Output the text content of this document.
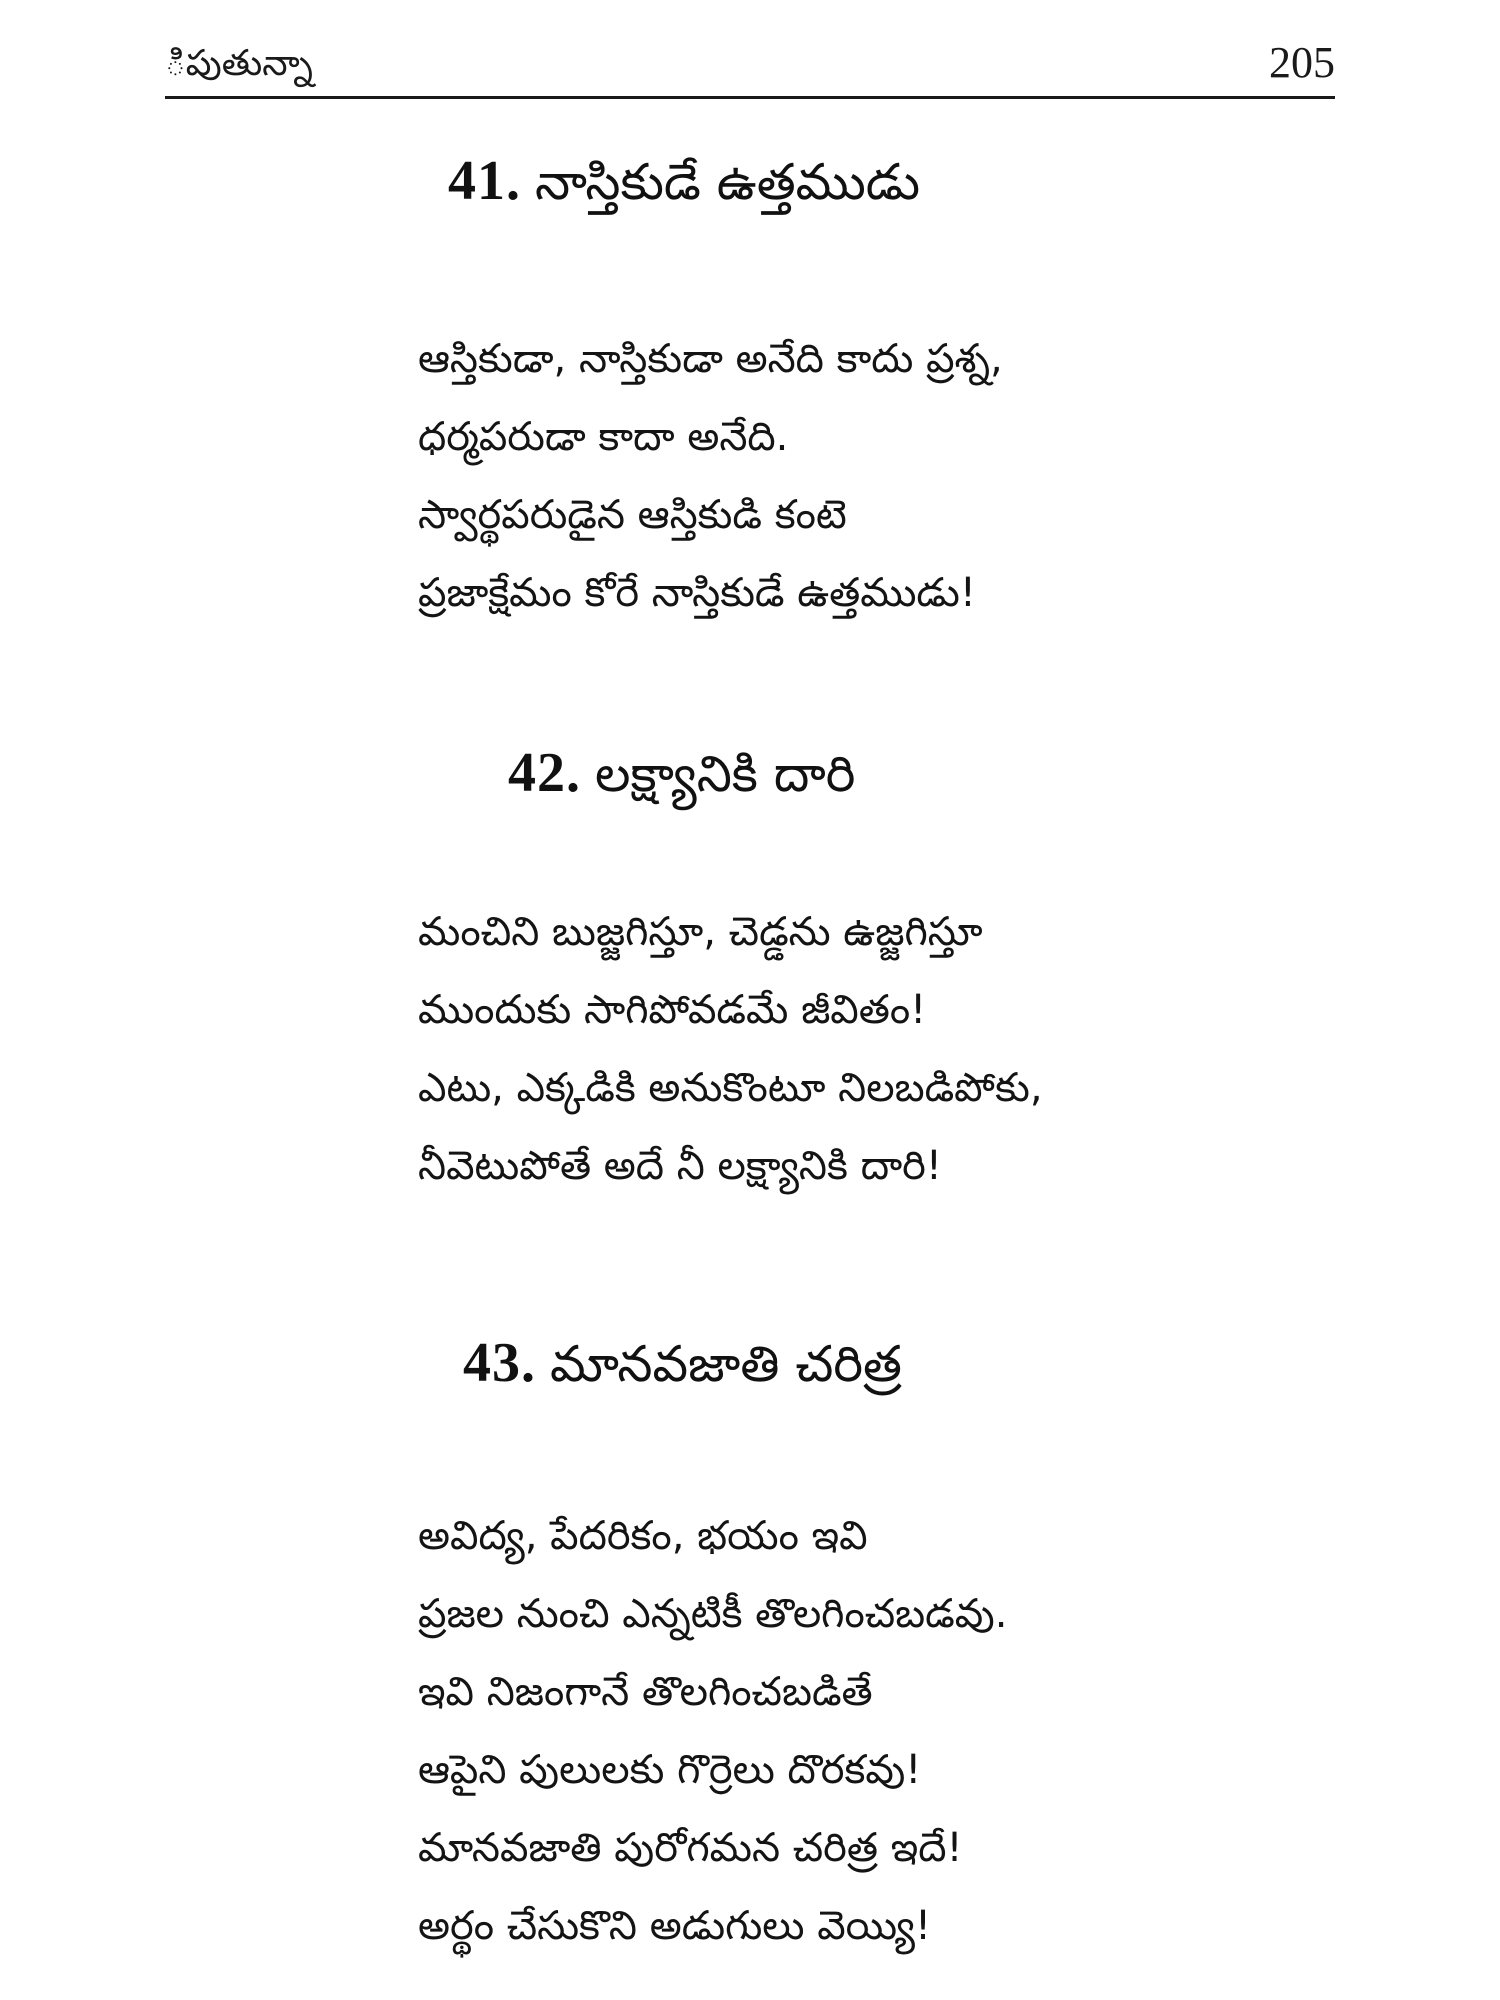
ిపుతున్నా	205
41. నాస్తికుడే ఉత్తముడు
ఆస్తికుడా, నాస్తికుడా అనేది కాదు ప్రశ్న,
ధర్మపరుడా కాదా అనేది.
స్వార్థపరుడైన ఆస్తికుడి కంటె
ప్రజాక్షేమం కోరే నాస్తికుడే ఉత్తముడు!
42. లక్ష్యానికి దారి
మంచిని బుజ్జగిస్తూ, చెడ్డను ఉజ్జగిస్తూ
ముందుకు సాగిపోవడమే జీవితం!
ఎటు, ఎక్కడికి అనుకొంటూ నిలబడిపోకు,
నీవెటుపోతే అదే నీ లక్ష్యానికి దారి!
43. మానవజాతి చరిత్ర
అవిద్య, పేదరికం, భయం ఇవి
ప్రజల నుంచి ఎన్నటికీ తొలగించబడవు.
ఇవి నిజంగానే తొలగించబడితే
ఆపైని పులులకు గొర్రెలు దొరకవు!
మానవజాతి పురోగమన చరిత్ర ఇదే!
అర్థం చేసుకొని అడుగులు వెయ్యి!
